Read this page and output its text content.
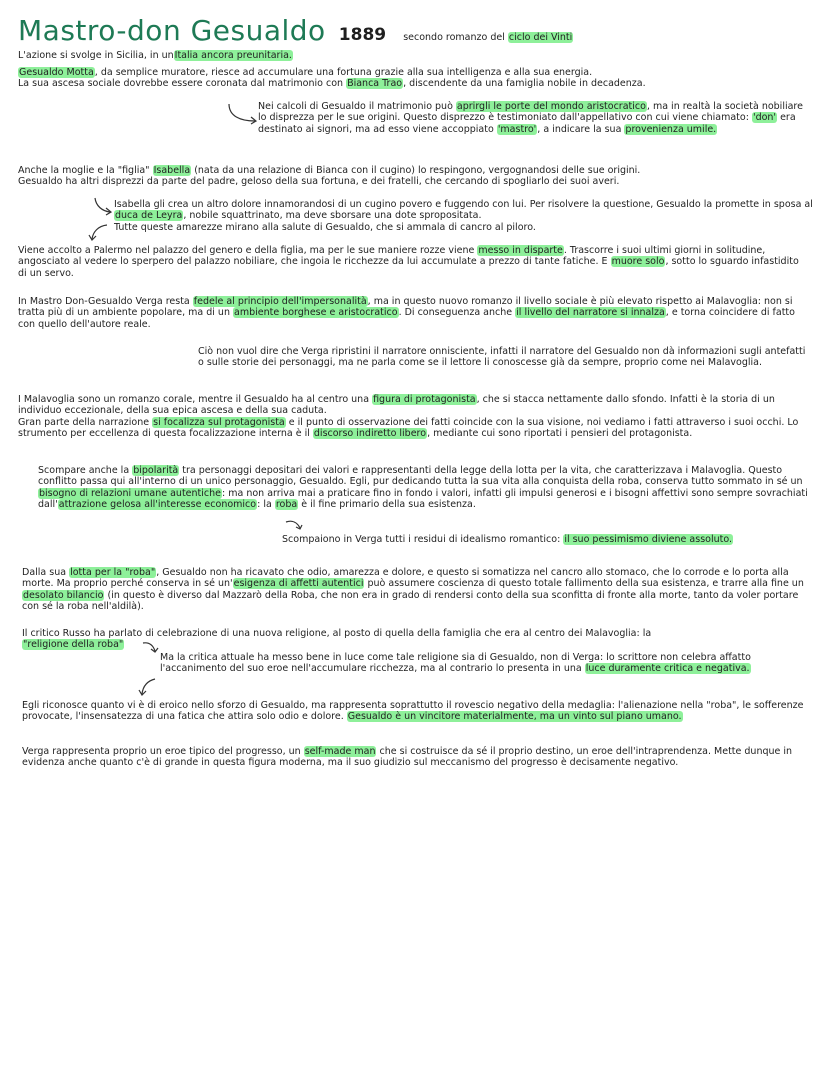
Mastro-don Gesualdo 1889 secondo romanzo del ciclo dei Vinti
L'azione si svolge in Sicilia, in unItalia ancora preunitaria.
Gesualdo Motta, da semplice muratore, riesce ad accumulare una fortuna grazie alla sua intelligenza e alla sua energia.
La sua ascesa sociale dovrebbe essere coronata dal matrimonio con Bianca Trao, discendente da una famiglia nobile in decadenza.
Nei calcoli di Gesualdo il matrimonio può aprirgli le porte del mondo aristocratico, ma in realtà la società nobiliare lo disprezza per le sue origini. Questo disprezzo è testimoniato dall'appellativo con cui viene chiamato: 'don' era destinato ai signori, ma ad esso viene accoppiato 'mastro', a indicare la sua provenienza umile.
Anche la moglie e la "figlia" Isabella (nata da una relazione di Bianca con il cugino) lo respingono, vergognandosi delle sue origini.
Gesualdo ha altri disprezzi da parte del padre, geloso della sua fortuna, e dei fratelli, che cercando di spogliarlo dei suoi averi.
Isabella gli crea un altro dolore innamorandosi di un cugino povero e fuggendo con lui. Per risolvere la questione, Gesualdo la promette in sposa al duca de Leyra, nobile squattrinato, ma deve sborsare una dote spropositata.
Tutte queste amarezze mirano alla salute di Gesualdo, che si ammala di cancro al piloro.
Viene accolto a Palermo nel palazzo del genero e della figlia, ma per le sue maniere rozze viene messo in disparte. Trascorre i suoi ultimi giorni in solitudine, angosciato al vedere lo sperpero del palazzo nobiliare, che ingoia le ricchezze da lui accumulate a prezzo di tante fatiche. E muore solo, sotto lo sguardo infastidito di un servo.
In Mastro Don-Gesualdo Verga resta fedele al principio dell'impersonalità, ma in questo nuovo romanzo il livello sociale è più elevato rispetto ai Malavoglia: non si tratta più di un ambiente popolare, ma di un ambiente borghese e aristocratico. Di conseguenza anche il livello del narratore si innalza, e torna coincidere di fatto con quello dell'autore reale.
Ciò non vuol dire che Verga ripristini il narratore onnisciente, infatti il narratore del Gesualdo non dà informazioni sugli antefatti o sulle storie dei personaggi, ma ne parla come se il lettore li conoscesse già da sempre, proprio come nei Malavoglia.
I Malavoglia sono un romanzo corale, mentre il Gesualdo ha al centro una figura di protagonista, che si stacca nettamente dallo sfondo. Infatti è la storia di un individuo eccezionale, della sua epica ascesa e della sua caduta.
Gran parte della narrazione si focalizza sul protagonista e il punto di osservazione dei fatti coincide con la sua visione, noi vediamo i fatti attraverso i suoi occhi. Lo strumento per eccellenza di questa focalizzazione interna è il discorso indiretto libero, mediante cui sono riportati i pensieri del protagonista.
Scompare anche la bipolarità tra personaggi depositari dei valori e rappresentanti della legge della lotta per la vita, che caratterizzava i Malavoglia. Questo conflitto passa qui all'interno di un unico personaggio, Gesualdo. Egli, pur dedicando tutta la sua vita alla conquista della roba, conserva tutto sommato in sé un bisogno di relazioni umane autentiche: ma non arriva mai a praticare fino in fondo i valori, infatti gli impulsi generosi e i bisogni affettivi sono sempre sovrachiati dall'attrazione gelosa all'interesse economico: la roba è il fine primario della sua esistenza.
Scompaiono in Verga tutti i residui di idealismo romantico: il suo pessimismo diviene assoluto.
Dalla sua lotta per la "roba", Gesualdo non ha ricavato che odio, amarezza e dolore, e questo si somatizza nel cancro allo stomaco, che lo corrode e lo porta alla morte. Ma proprio perché conserva in sé un'esigenza di affetti autentici può assumere coscienza di questo totale fallimento della sua esistenza, e trarre alla fine un desolato bilancio (in questo è diverso dal Mazzarò della Roba, che non era in grado di rendersi conto della sua sconfitta di fronte alla morte, tanto da voler portare con sé la roba nell'aldilà).
Il critico Russo ha parlato di celebrazione di una nuova religione, al posto di quella della famiglia che era al centro dei Malavoglia: la
"religione della roba"
Ma la critica attuale ha messo bene in luce come tale religione sia di Gesualdo, non di Verga: lo scrittore non celebra affatto l'accanimento del suo eroe nell'accumulare ricchezza, ma al contrario lo presenta in una luce duramente critica e negativa.
Egli riconosce quanto vi è di eroico nello sforzo di Gesualdo, ma rappresenta soprattutto il rovescio negativo della medaglia: l'alienazione nella "roba", le sofferenze provocate, l'insensatezza di una fatica che attira solo odio e dolore. Gesualdo è un vincitore materialmente, ma un vinto sul piano umano.
Verga rappresenta proprio un eroe tipico del progresso, un self-made man che si costruisce da sé il proprio destino, un eroe dell'intraprendenza. Mette dunque in evidenza anche quanto c'è di grande in questa figura moderna, ma il suo giudizio sul meccanismo del progresso è decisamente negativo.
